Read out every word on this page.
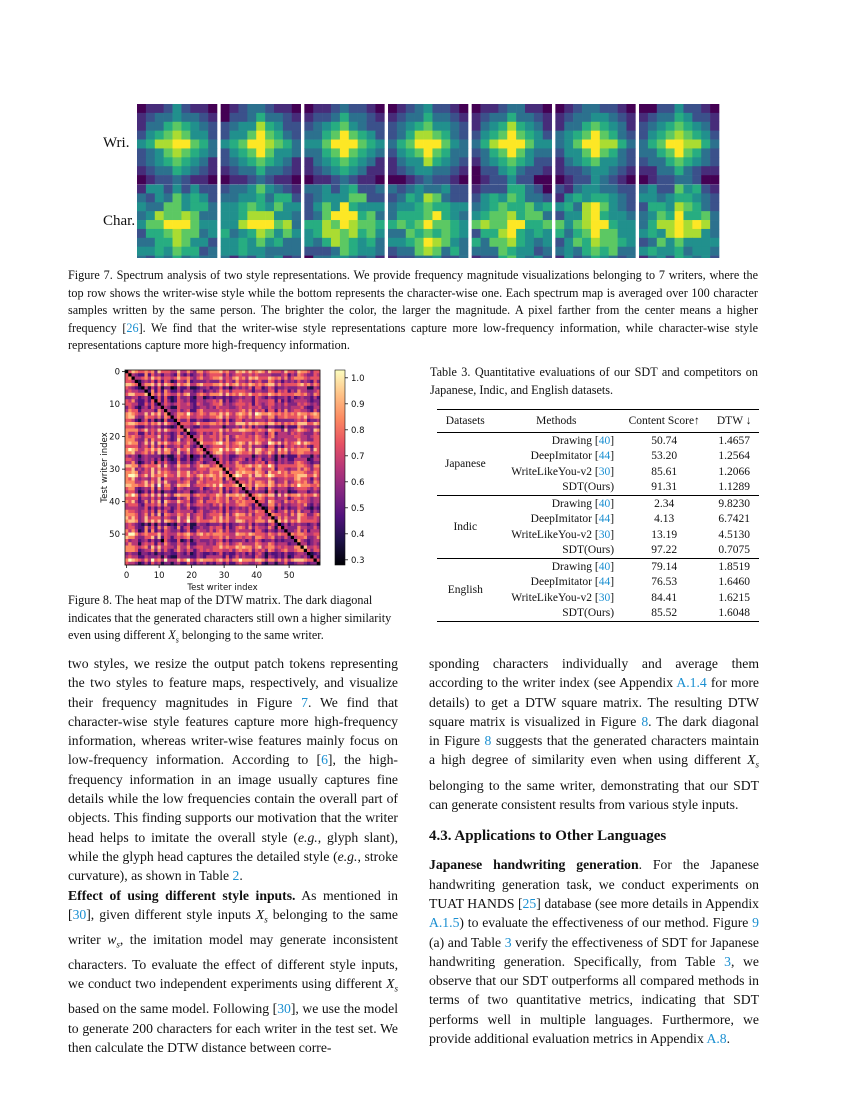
Wri.
Char.
Figure 7. Spectrum analysis of two style representations. We provide frequency magnitude visualizations belonging to 7 writers, where the top row shows the writer-wise style while the bottom represents the character-wise one. Each spectrum map is averaged over 100 character samples written by the same person. The brighter the color, the larger the magnitude. A pixel farther from the center means a higher frequency [26]. We find that the writer-wise style representations capture more low-frequency information, while character-wise style representations capture more high-frequency information.
0	10	20	30	40	50
0
10
20
30
40
50
Test writer index
Test writer index
1.0
0.9
0.8
0.7
0.6
0.5
0.4
0.3
Figure 8. The heat map of the DTW matrix. The dark diagonal
indicates that the generated characters still own a higher similarity
even using different $X_s$ belonging to the same writer.
Table 3. Quantitative evaluations of our SDT and competitors on Japanese, Indic, and English datasets.
Datasets	Methods	Content Score↑	DTW ↓
Japanese	Drawing [40]	50.74	1.4657
	DeepImitator [44]	53.20	1.2564
	WriteLikeYou-v2 [30]	85.61	1.2066
	SDT(Ours)	91.31	1.1289
Indic	Drawing [40]	2.34	9.8230
	DeepImitator [44]	4.13	6.7421
	WriteLikeYou-v2 [30]	13.19	4.5130
	SDT(Ours)	97.22	0.7075
English	Drawing [40]	79.14	1.8519
	DeepImitator [44]	76.53	1.6460
	WriteLikeYou-v2 [30]	84.41	1.6215
	SDT(Ours)	85.52	1.6048

two styles, we resize the output patch tokens representing the two styles to feature maps, respectively, and visualize their frequency magnitudes in Figure 7. We find that character-wise style features capture more high-frequency information, whereas writer-wise features mainly focus on low-frequency information. According to [6], the high-frequency information in an image usually captures fine details while the low frequencies contain the overall part of objects. This finding supports our motivation that the writer head helps to imitate the overall style (e.g., glyph slant), while the glyph head captures the detailed style (e.g., stroke curvature), as shown in Table 2.

Effect of using different style inputs. As mentioned in [30], given different style inputs $X_s$ belonging to the same writer $w_s$, the imitation model may generate inconsistent characters. To evaluate the effect of different style inputs, we conduct two independent experiments using different $X_s$ based on the same model. Following [30], we use the model to generate 200 characters for each writer in the test set. We then calculate the DTW distance between corre-

sponding characters individually and average them according to the writer index (see Appendix A.1.4 for more details) to get a DTW square matrix. The resulting DTW square matrix is visualized in Figure 8. The dark diagonal in Figure 8 suggests that the generated characters maintain a high degree of similarity even when using different $X_s$ belonging to the same writer, demonstrating that our SDT can generate consistent results from various style inputs.

4.3. Applications to Other Languages

Japanese handwriting generation. For the Japanese handwriting generation task, we conduct experiments on TUAT HANDS [25] database (see more details in Appendix A.1.5) to evaluate the effectiveness of our method. Figure 9 (a) and Table 3 verify the effectiveness of SDT for Japanese handwriting generation. Specifically, from Table 3, we observe that our SDT outperforms all compared methods in terms of two quantitative metrics, indicating that SDT performs well in multiple languages. Furthermore, we provide additional evaluation metrics in Appendix A.8.
